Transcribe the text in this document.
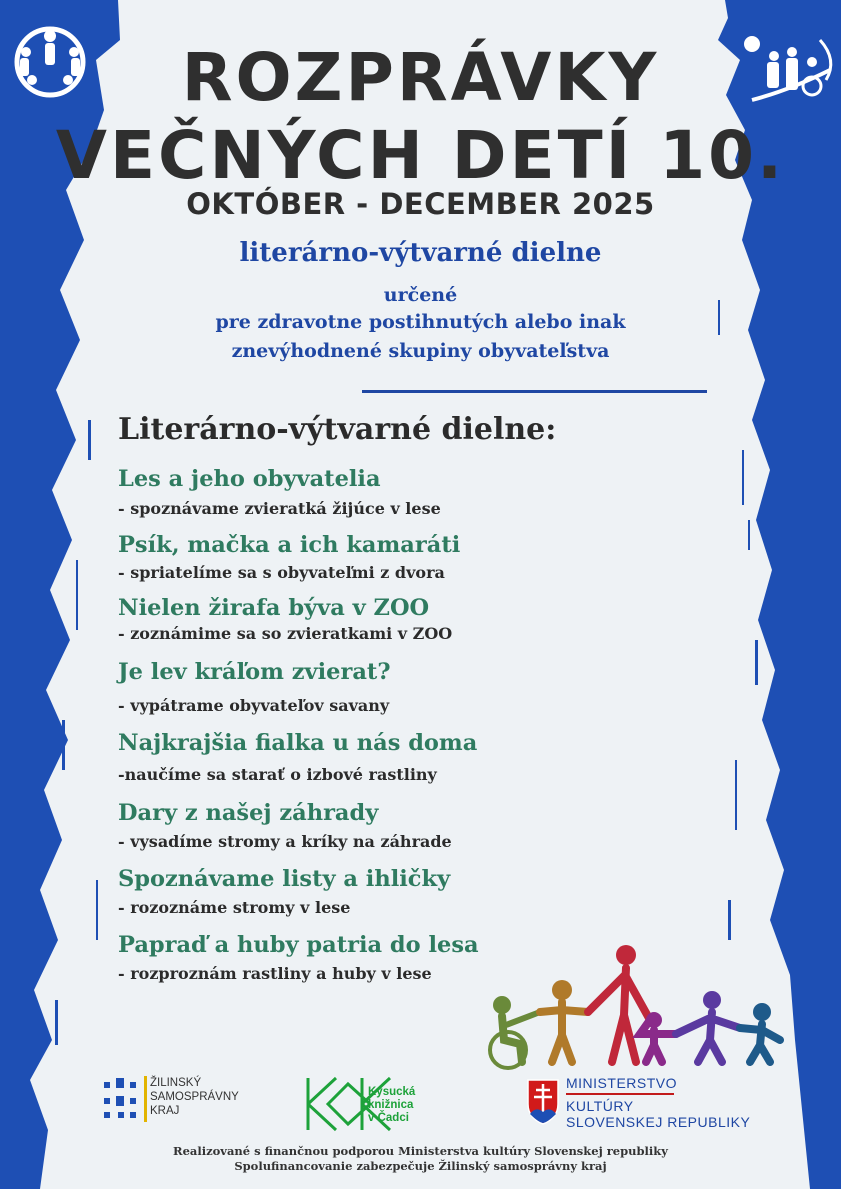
ROZPRÁVKY
VEČNÝCH DETÍ 10.
OKTÓBER - DECEMBER 2025
literárno-výtvarné dielne
určené
pre zdravotne postihnutých alebo inak
znevýhodnené skupiny obyvateľstva
Literárno-výtvarné dielne:
Les a jeho obyvatelia
- spoznávame zvieratká žijúce v lese
Psík, mačka a ich kamaráti
- spriatelíme sa s obyvateľmi z dvora
Nielen žirafa býva v ZOO
- zoznámime sa so zvieratkami v ZOO
Je lev kráľom zvierat?
- vypátrame obyvateľov savany
Najkrajšia fialka u nás doma
-naučíme sa starať o izbové rastliny
Dary z našej záhrady
- vysadíme stromy a kríky na záhrade
Spoznávame listy a ihličky
- rozoznáme stromy v lese
Papraď a huby patria do lesa
- rozproznám rastliny a huby v lese
ŽILINSKÝ
SAMOSPRÁVNY
KRAJ
Kysucká
knižnica
v Čadci
MINISTERSTVO
KULTÚRY
SLOVENSKEJ REPUBLIKY
Realizované s finančnou podporou Ministerstva kultúry Slovenskej republiky
Spolufinancovanie zabezpečuje Žilinský samosprávny kraj
